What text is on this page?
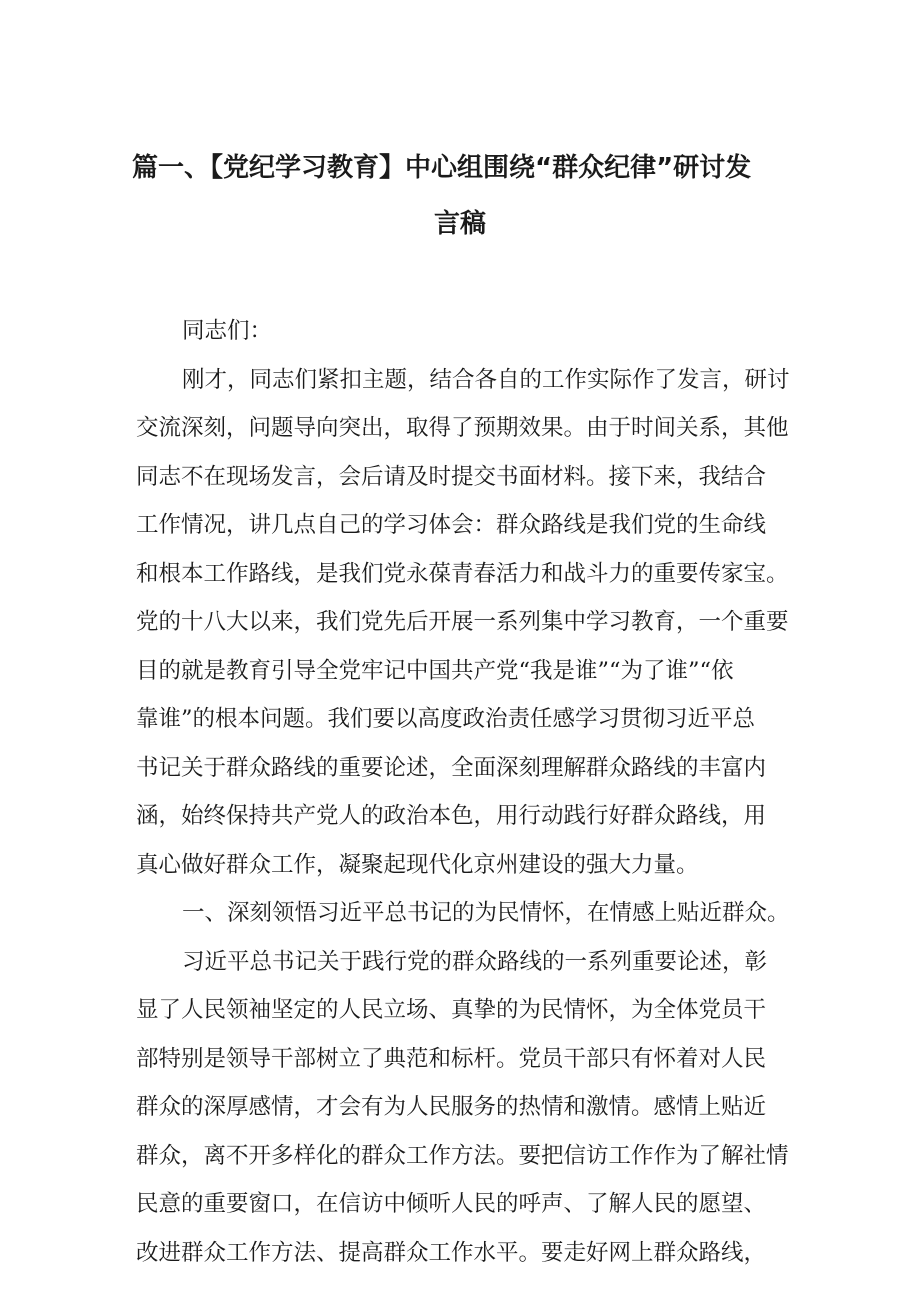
篇一、【党纪学习教育】中心组围绕“群众纪律”研讨发
言稿
同志们：
刚才，同志们紧扣主题，结合各自的工作实际作了发言，研讨
交流深刻，问题导向突出，取得了预期效果。由于时间关系，其他
同志不在现场发言，会后请及时提交书面材料。接下来，我结合
工作情况，讲几点自己的学习体会：群众路线是我们党的生命线
和根本工作路线，是我们党永葆青春活力和战斗力的重要传家宝。
党的十八大以来，我们党先后开展一系列集中学习教育，一个重要
目的就是教育引导全党牢记中国共产党“我是谁”“为了谁”“依
靠谁”的根本问题。我们要以高度政治责任感学习贯彻习近平总
书记关于群众路线的重要论述，全面深刻理解群众路线的丰富内
涵，始终保持共产党人的政治本色，用行动践行好群众路线，用
真心做好群众工作，凝聚起现代化京州建设的强大力量。
一、深刻领悟习近平总书记的为民情怀，在情感上贴近群众。
习近平总书记关于践行党的群众路线的一系列重要论述，彰
显了人民领袖坚定的人民立场、真挚的为民情怀，为全体党员干
部特别是领导干部树立了典范和标杆。党员干部只有怀着对人民
群众的深厚感情，才会有为人民服务的热情和激情。感情上贴近
群众，离不开多样化的群众工作方法。要把信访工作作为了解社情
民意的重要窗口，在信访中倾听人民的呼声、了解人民的愿望、
改进群众工作方法、提高群众工作水平。要走好网上群众路线，
